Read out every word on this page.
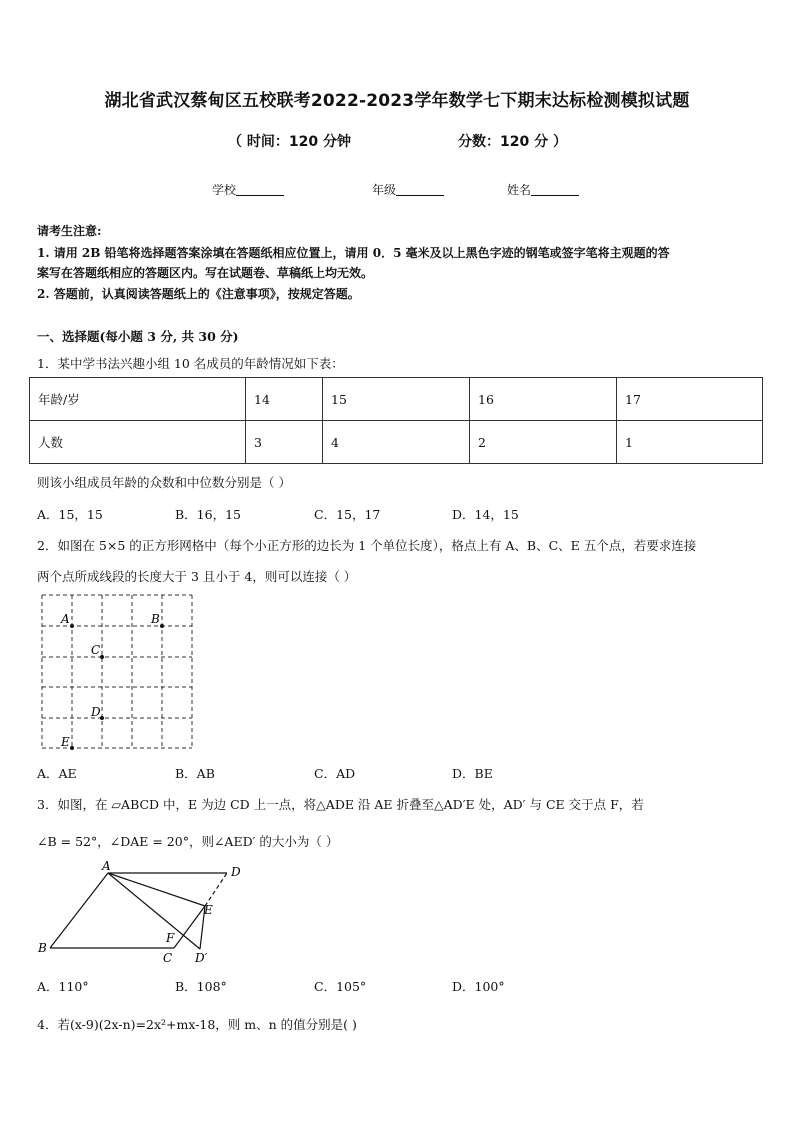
湖北省武汉蔡甸区五校联考2022-2023学年数学七下期末达标检测模拟试题
（ 时间：120 分钟	分数：120 分 ）
学校	年级	姓名
请考生注意:
1. 请用 2B 铅笔将选择题答案涂填在答题纸相应位置上，请用 0．5 毫米及以上黑色字迹的钢笔或签字笔将主观题的答
案写在答题纸相应的答题区内。写在试题卷、草稿纸上均无效。
2. 答题前，认真阅读答题纸上的《注意事项》，按规定答题。
一、选择题(每小题 3 分, 共 30 分)
1．某中学书法兴趣小组 10 名成员的年龄情况如下表：
年龄/岁	14	15	16	17
人数	3	4	2	1
则该小组成员年龄的众数和中位数分别是（ ）
A．15，15	B．16，15	C．15，17	D．14，15
2．如图在 5×5 的正方形网格中（每个小正方形的边长为 1 个单位长度），格点上有 A、B、C、E 五个点，若要求连接
两个点所成线段的长度大于 3 且小于 4，则可以连接（ ）
A	B
C
D
E
A．AE	B．AB	C．AD	D．BE
3．如图，在 ▱ABCD 中，E 为边 CD 上一点，将△ADE 沿 AE 折叠至△AD′E 处，AD′ 与 CE 交于点 F，若
∠B = 52°，∠DAE = 20°，则∠AED′ 的大小为（ ）
A
B
C
D
E
F
D′
A．110°	B．108°	C．105°	D．100°
4．若(x-9)(2x-n)=2x²+mx-18，则 m、n 的值分别是( )
